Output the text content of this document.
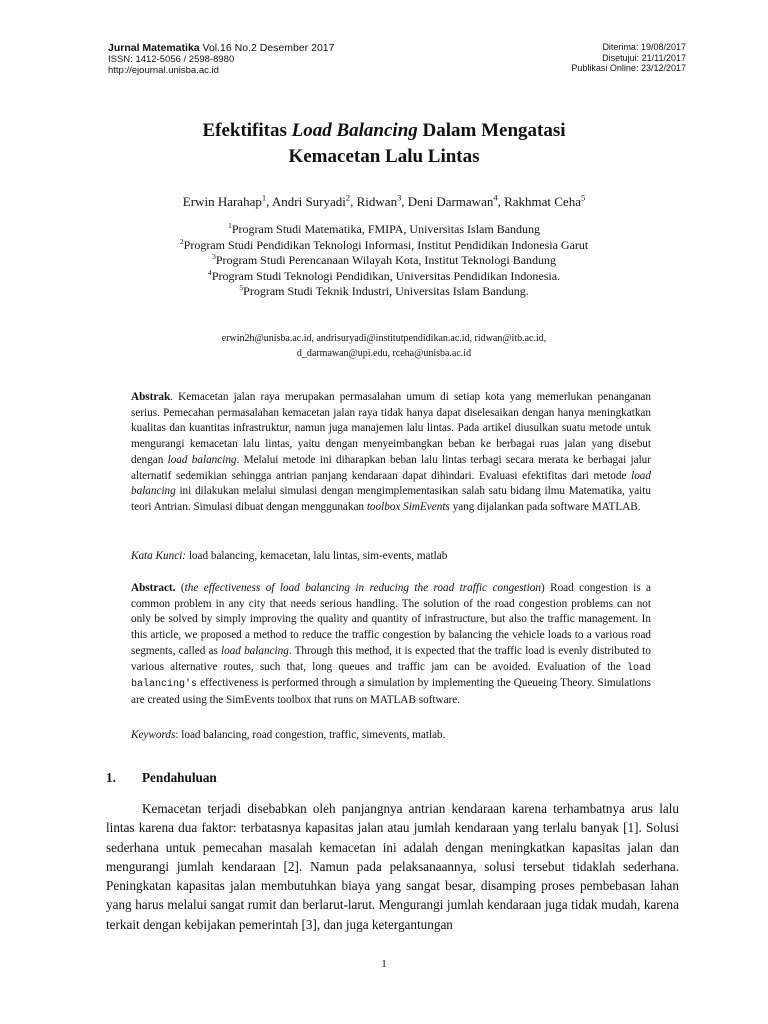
Jurnal Matematika Vol.16 No.2 Desember 2017
ISSN: 1412-5056 / 2598-8980
http://ejournal.unisba.ac.id
Diterima: 19/08/2017
Disetujui: 21/11/2017
Publikasi Online: 23/12/2017
Efektifitas Load Balancing Dalam Mengatasi
Kemacetan Lalu Lintas
Erwin Harahap$^1$, Andri Suryadi$^2$, Ridwan$^3$, Deni Darmawan$^4$, Rakhmat Ceha$^5$
$^1$Program Studi Matematika, FMIPA, Universitas Islam Bandung
$^2$Program Studi Pendidikan Teknologi Informasi, Institut Pendidikan Indonesia Garut
$^3$Program Studi Perencanaan Wilayah Kota, Institut Teknologi Bandung
$^4$Program Studi Teknologi Pendidikan, Universitas Pendidikan Indonesia.
$^5$Program Studi Teknik Industri, Universitas Islam Bandung.
erwin2h@unisba.ac.id, andrisuryadi@institutpendidikan.ac.id, ridwan@itb.ac.id,
d_darmawan@upi.edu, rceha@unisba.ac.id
Abstrak. Kemacetan jalan raya merupakan permasalahan umum di setiap kota yang memerlukan penanganan serius. Pemecahan permasalahan kemacetan jalan raya tidak hanya dapat diselesaikan dengan hanya meningkatkan kualitas dan kuantitas infrastruktur, namun juga manajemen lalu lintas. Pada artikel diusulkan suatu metode untuk mengurangi kemacetan lalu lintas, yaitu dengan menyeimbangkan beban ke berbagai ruas jalan yang disebut dengan load balancing. Melalui metode ini diharapkan beban lalu lintas terbagi secara merata ke berbagai jalur alternatif sedemikian sehingga antrian panjang kendaraan dapat dihindari. Evaluasi efektifitas dari metode load balancing ini dilakukan melalui simulasi dengan mengimplementasikan salah satu bidang ilmu Matematika, yaitu teori Antrian. Simulasi dibuat dengan menggunakan toolbox SimEvents yang dijalankan pada software MATLAB.
Kata Kunci: load balancing, kemacetan, lalu lintas, sim-events, matlab
Abstract. (the effectiveness of load balancing in reducing the road traffic congestion) Road congestion is a common problem in any city that needs serious handling. The solution of the road congestion problems can not only be solved by simply improving the quality and quantity of infrastructure, but also the traffic management. In this article, we proposed a method to reduce the traffic congestion by balancing the vehicle loads to a various road segments, called as load balancing. Through this method, it is expected that the traffic load is evenly distributed to various alternative routes, such that, long queues and traffic jam can be avoided. Evaluation of the load balancing's effectiveness is performed through a simulation by implementing the Queueing Theory. Simulations are created using the SimEvents toolbox that runs on MATLAB software.
Keywords: load balancing, road congestion, traffic, simevents, matlab.
1. Pendahuluan
Kemacetan terjadi disebabkan oleh panjangnya antrian kendaraan karena terhambatnya arus lalu lintas karena dua faktor: terbatasnya kapasitas jalan atau jumlah kendaraan yang terlalu banyak [1]. Solusi sederhana untuk pemecahan masalah kemacetan ini adalah dengan meningkatkan kapasitas jalan dan mengurangi jumlah kendaraan [2]. Namun pada pelaksanaannya, solusi tersebut tidaklah sederhana. Peningkatan kapasitas jalan membutuhkan biaya yang sangat besar, disamping proses pembebasan lahan yang harus melalui sangat rumit dan berlarut-larut. Mengurangi jumlah kendaraan juga tidak mudah, karena terkait dengan kebijakan pemerintah [3], dan juga ketergantungan
1
